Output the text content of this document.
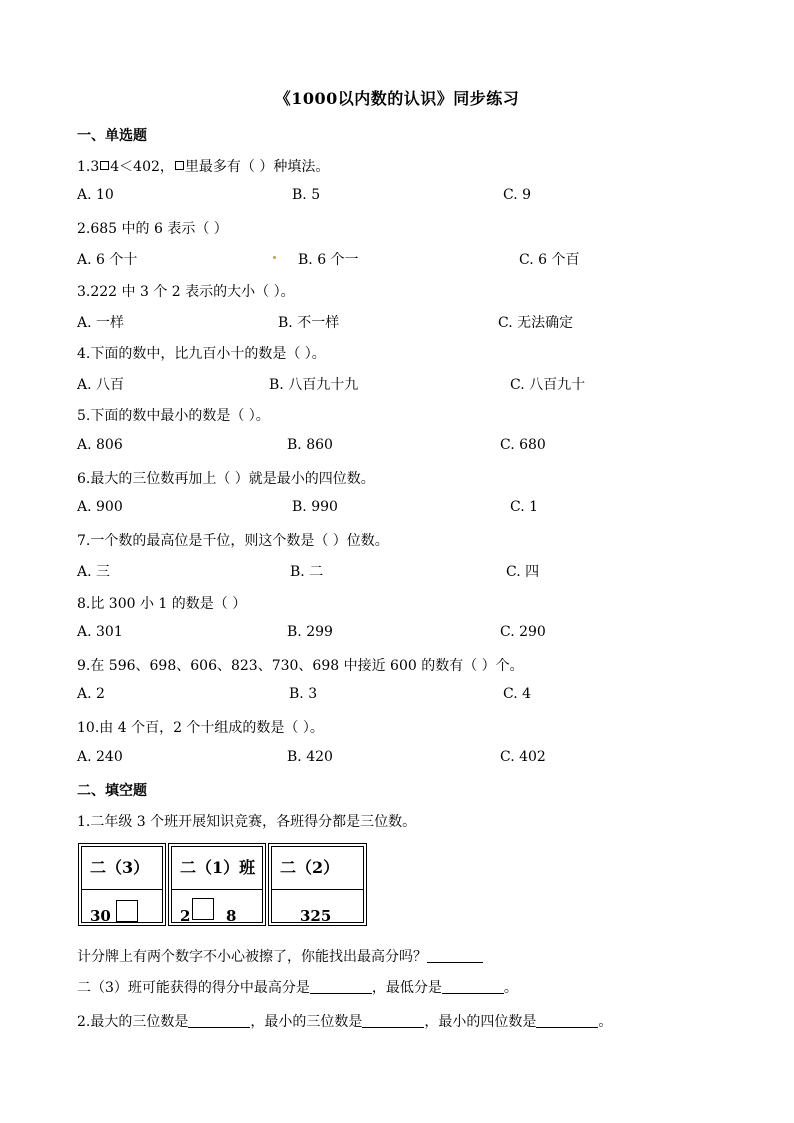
《1000以内数的认识》同步练习
一、单选题
1.3 4＜402， 里最多有（ ）种填法。
A. 10	B. 5	C. 9
2.685 中的 6 表示（ ）
A. 6 个十	B. 6 个一	C. 6 个百
3.222 中 3 个 2 表示的大小（ ）。
A. 一样	B. 不一样	C. 无法确定
4.下面的数中，比九百小十的数是（ ）。
A. 八百	B. 八百九十九	C. 八百九十
5.下面的数中最小的数是（ ）。
A. 806	B. 860	C. 680
6.最大的三位数再加上（ ）就是最小的四位数。
A. 900	B. 990	C. 1
7.一个数的最高位是千位，则这个数是（ ）位数。
A. 三	B. 二	C. 四
8.比 300 小 1 的数是（ ）
A. 301	B. 299	C. 290
9.在 596、698、606、823、730、698 中接近 600 的数有（ ）个。
A. 2	B. 3	C. 4
10.由 4 个百，2 个十组成的数是（ ）。
A. 240	B. 420	C. 402
二、填空题
1.二年级 3 个班开展知识竞赛，各班得分都是三位数。
二（3）
30
二（1）班
2 8
二（2）
325
计分牌上有两个数字不小心被擦了，你能找出最高分吗？
二（3）班可能获得的得分中最高分是	，最低分是	。
2.最大的三位数是	，最小的三位数是	，最小的四位数是	。
